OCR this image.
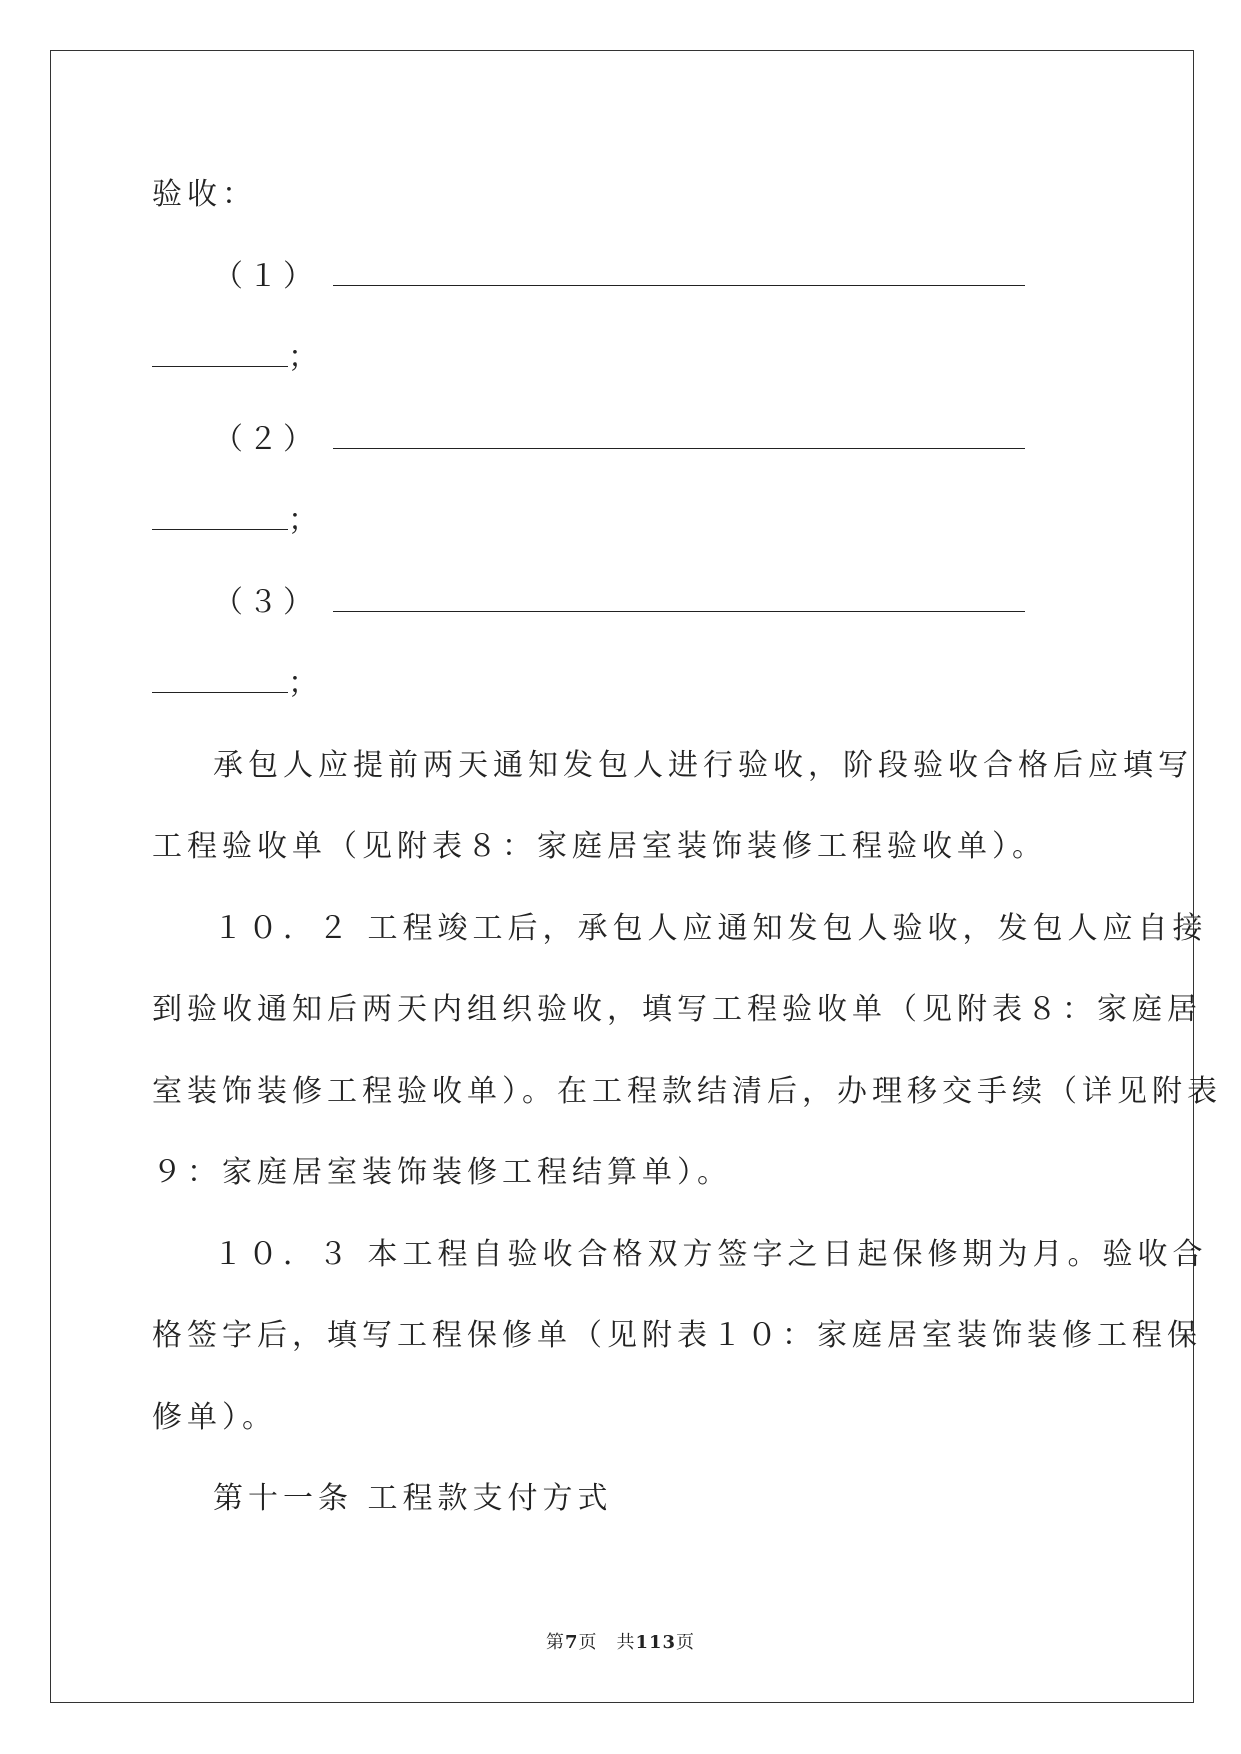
验收：
（１）
；
（２）
；
（３）
；
承包人应提前两天通知发包人进行验收，阶段验收合格后应填写
工程验收单（见附表８：家庭居室装饰装修工程验收单）。
１０．２ 工程竣工后，承包人应通知发包人验收，发包人应自接
到验收通知后两天内组织验收，填写工程验收单（见附表８：家庭居
室装饰装修工程验收单）。在工程款结清后，办理移交手续（详见附表
９：家庭居室装饰装修工程结算单）。
１０．３ 本工程自验收合格双方签字之日起保修期为月。验收合
格签字后，填写工程保修单（见附表１０：家庭居室装饰装修工程保
修单）。
第十一条 工程款支付方式
第7页　共113页
